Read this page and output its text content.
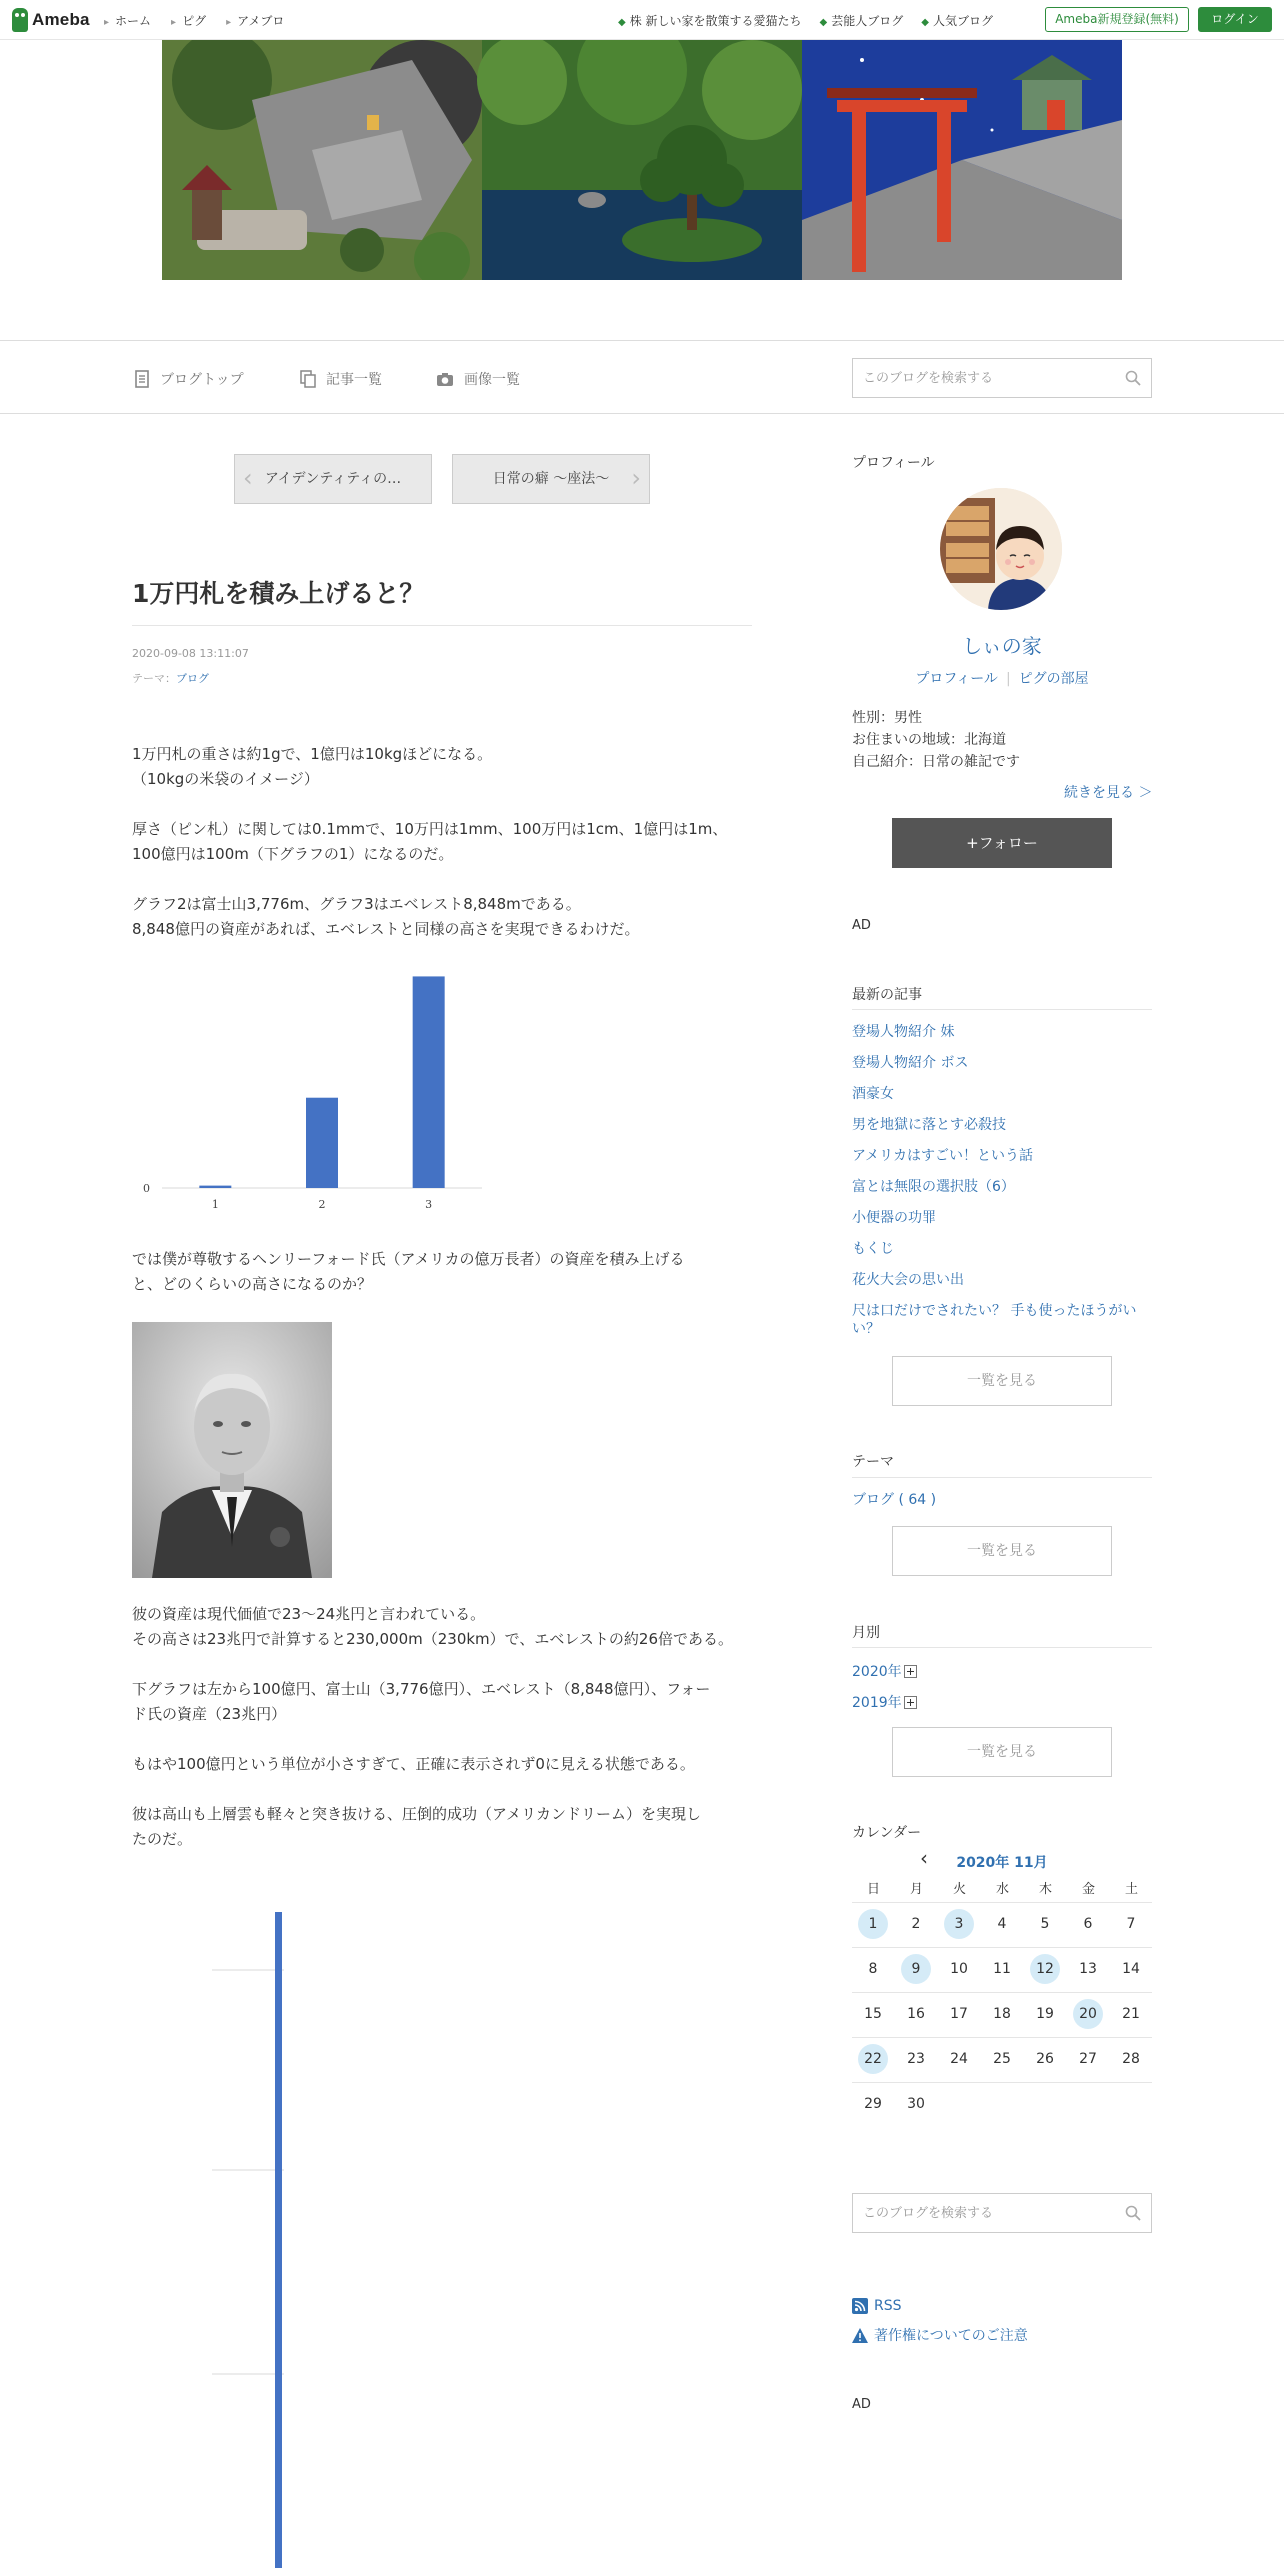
Ameba	▸ ホーム	▸ ピグ	▸ アメブロ	◆ 株 新しい家を散策する愛猫たち	◆ 芸能人ブログ	◆ 人気ブログ	Ameba新規登録(無料)	ログイン
ブログトップ	記事一覧	画像一覧
このブログを検索する
‹ アイデンティティの…	日常の癖 ～座法～ ›
1万円札を積み上げると？
2020-09-08 13:11:07
テーマ：ブログ
1万円札の重さは約1gで、1億円は10kgほどになる。
（10kgの米袋のイメージ）
厚さ（ピン札）に関しては0.1mmで、10万円は1mm、100万円は1cm、1億円は1m、
100億円は100m（下グラフの1）になるのだ。
グラフ2は富士山3,776m、グラフ3はエベレスト8,848mである。
8,848億円の資産があれば、エベレストと同様の高さを実現できるわけだ。
0
1	2	3
では僕が尊敬するヘンリーフォード氏（アメリカの億万長者）の資産を積み上げる
と、どのくらいの高さになるのか？
彼の資産は現代価値で23～24兆円と言われている。
その高さは23兆円で計算すると230,000m（230km）で、エベレストの約26倍である。
下グラフは左から100億円、富士山（3,776億円）、エベレスト（8,848億円）、フォー
ド氏の資産（23兆円）
もはや100億円という単位が小さすぎて、正確に表示されず0に見える状態である。
彼は高山も上層雲も軽々と突き抜ける、圧倒的成功（アメリカンドリーム）を実現し
たのだ。
プロフィール
しぃの家
プロフィール | ピグの部屋
性別：男性
お住まいの地域：北海道
自己紹介：日常の雑記です
続きを見る ＞
+フォロー
AD
最新の記事
登場人物紹介 妹
登場人物紹介 ボス
酒豪女
男を地獄に落とす必殺技
アメリカはすごい！という話
富とは無限の選択肢（6）
小便器の功罪
もくじ
花火大会の思い出
尺は口だけでされたい？ 手も使ったほうがい
い？
一覧を見る
テーマ
ブログ ( 64 )
一覧を見る
月別
2020年
2019年
一覧を見る
カレンダー
‹	2020年 11月
日	月	火	水	木	金	土
1	2	3	4	5	6	7
8	9	10	11	12	13	14
15	16	17	18	19	20	21
22	23	24	25	26	27	28
29	30
このブログを検索する
RSS
著作権についてのご注意
AD
